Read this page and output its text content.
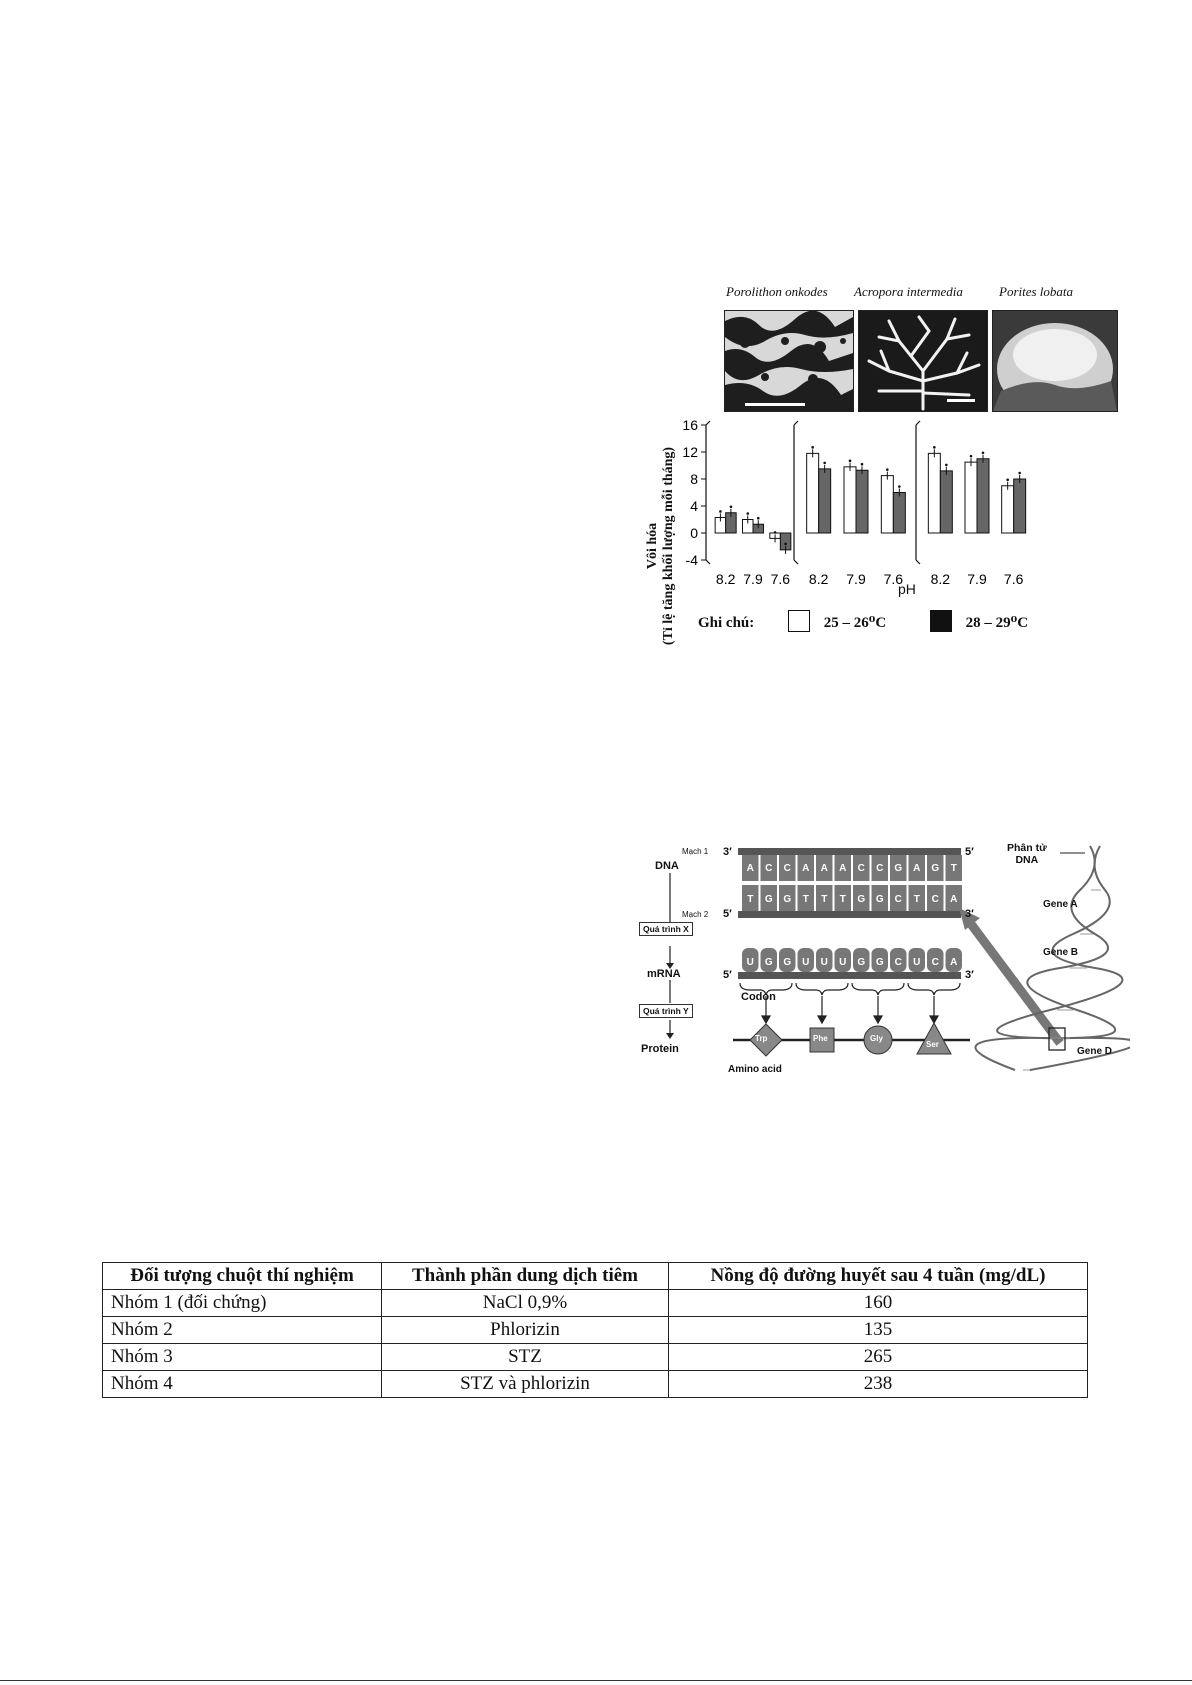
Porolithon onkodes Acropora intermedia	Porites lobata
Vôi hóa (Tỉ lệ tăng khối lượng mỗi tháng) -4
0
4
8
12
16
8.2 7.9 7.6 8.2 7.9 7.6 8.2 7.9 7.6
pH
Ghi chú:	25 – 26⁰C	28 – 29⁰C
A C C A A A C C G A G T
T G G T T T G G C T C A
U G G U U U G G C U C A
DNA
Mạch 1
Mạch 2
3′	5′
5′	3′
5′	3′
Quá trình X
mRNA
Quá trình Y
Protein
Codon
Amino acid
Trp	Phe	Gly
Ser
Phân tử
DNA
Gene A
Gene B
Gene D
Đối tượng chuột thí nghiệm	Thành phần dung dịch tiêm	Nồng độ đường huyết sau 4 tuần (mg/dL)
Nhóm 1 (đối chứng)	NaCl 0,9%	160
Nhóm 2	Phlorizin	135
Nhóm 3	STZ	265
Nhóm 4	STZ và phlorizin	238
